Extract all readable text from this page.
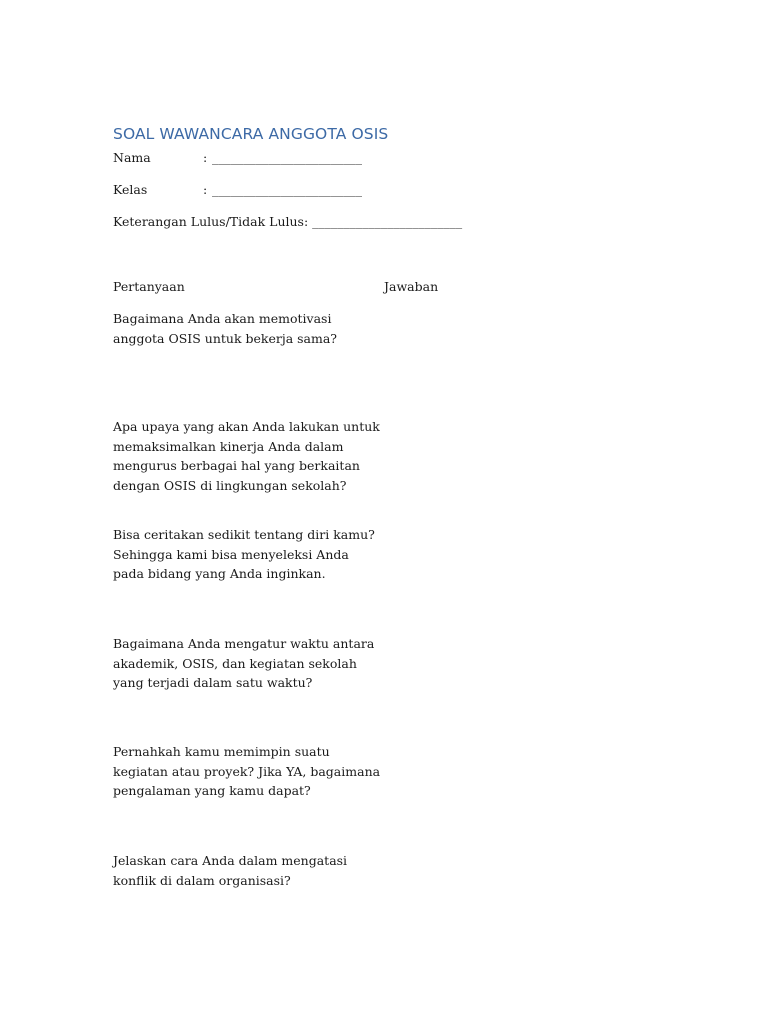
SOAL WAWANCARA ANGGOTA OSIS
Nama	: ________________________
Kelas	: ________________________
Keterangan Lulus/Tidak Lulus: ________________________
Pertanyaan	Jawaban
Bagaimana Anda akan memotivasi anggota OSIS untuk bekerja sama?
Apa upaya yang akan Anda lakukan untuk memaksimalkan kinerja Anda dalam mengurus berbagai hal yang berkaitan dengan OSIS di lingkungan sekolah?
Bisa ceritakan sedikit tentang diri kamu? Sehingga kami bisa menyeleksi Anda pada bidang yang Anda inginkan.
Bagaimana Anda mengatur waktu antara akademik, OSIS, dan kegiatan sekolah yang terjadi dalam satu waktu?
Pernahkah kamu memimpin suatu kegiatan atau proyek? Jika YA, bagaimana pengalaman yang kamu dapat?
Jelaskan cara Anda dalam mengatasi konflik di dalam organisasi?
